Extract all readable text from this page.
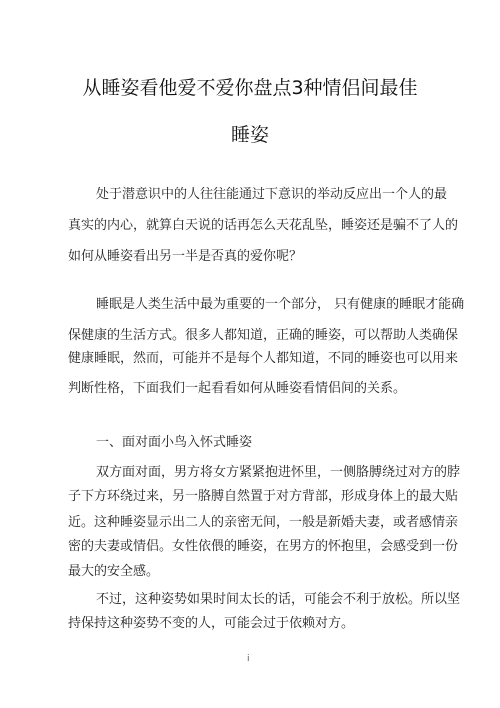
从睡姿看他爱不爱你盘点3种情侣间最佳
睡姿
处于潜意识中的人往往能通过下意识的举动反应出一个人的最
真实的内心，就算白天说的话再怎么天花乱坠，睡姿还是骗不了人的
如何从睡姿看出另一半是否真的爱你呢？
睡眠是人类生活中最为重要的一个部分， 只有健康的睡眠才能确
保健康的生活方式。很多人都知道，正确的睡姿，可以帮助人类确保
健康睡眠，然而，可能并不是每个人都知道，不同的睡姿也可以用来
判断性格，下面我们一起看看如何从睡姿看情侣间的关系。
一、面对面小鸟入怀式睡姿
双方面对面，男方将女方紧紧抱进怀里，一侧胳膊绕过对方的脖
子下方环绕过来，另一胳膊自然置于对方背部，形成身体上的最大贴
近。这种睡姿显示出二人的亲密无间，一般是新婚夫妻，或者感情亲
密的夫妻或情侣。女性依偎的睡姿，在男方的怀抱里，会感受到一份
最大的安全感。
不过，这种姿势如果时间太长的话，可能会不利于放松。所以坚
持保持这种姿势不变的人，可能会过于依赖对方。
i
